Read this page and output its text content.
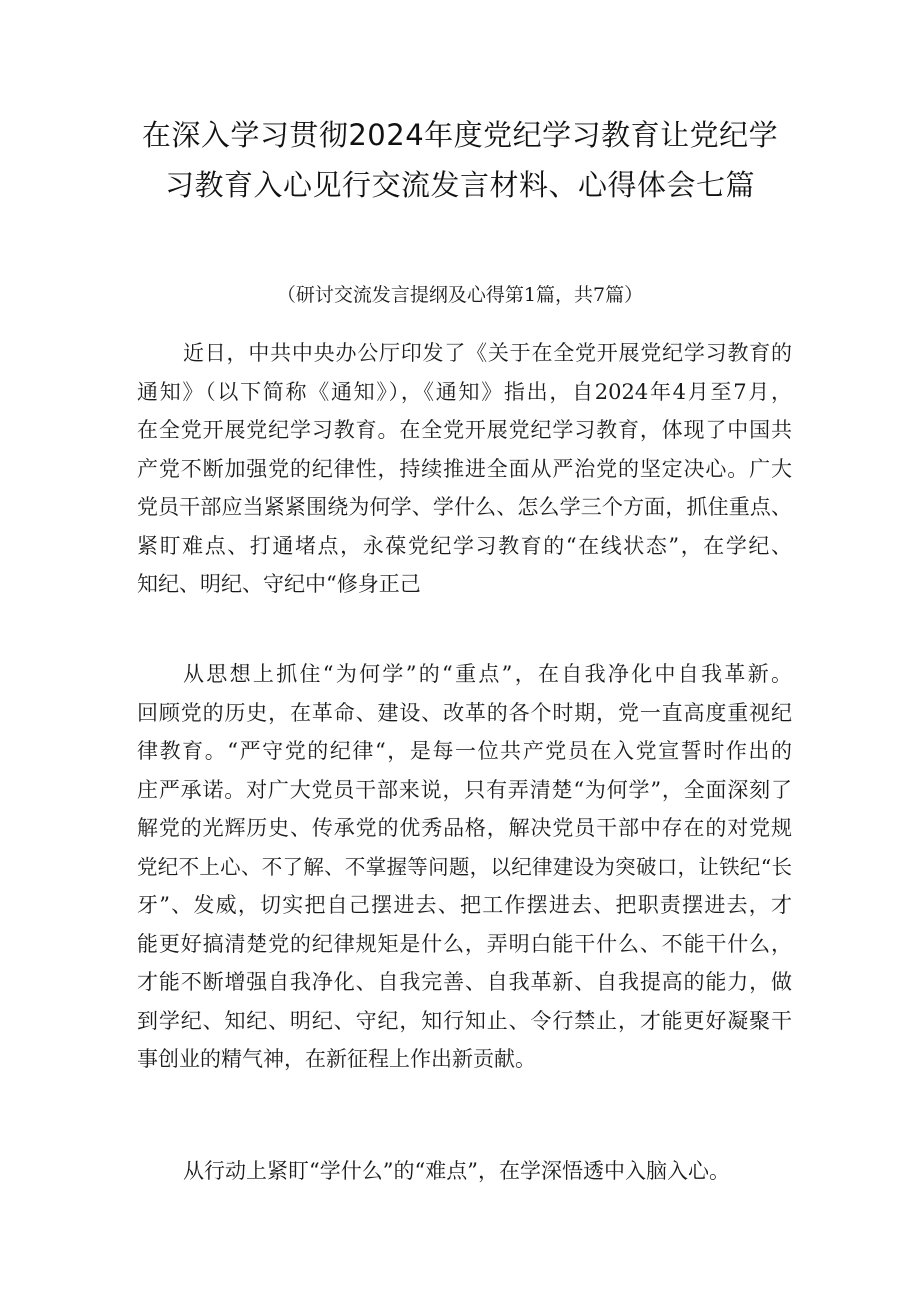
在深入学习贯彻2024年度党纪学习教育让党纪学
习教育入心见行交流发言材料、心得体会七篇
（研讨交流发言提纲及心得第1篇，共7篇）
近日，中共中央办公厅印发了《关于在全党开展党纪学习教育的
通知》（以下简称《通知》），《通知》指出，自2024年4月至7月，
在全党开展党纪学习教育。在全党开展党纪学习教育，体现了中国共
产党不断加强党的纪律性，持续推进全面从严治党的坚定决心。广大
党员干部应当紧紧围绕为何学、学什么、怎么学三个方面，抓住重点、
紧盯难点、打通堵点，永葆党纪学习教育的“在线状态”，在学纪、
知纪、明纪、守纪中“修身正己
从思想上抓住“为何学”的“重点”，在自我净化中自我革新。
回顾党的历史，在革命、建设、改革的各个时期，党一直高度重视纪
律教育。“严守党的纪律“，是每一位共产党员在入党宣誓时作出的
庄严承诺。对广大党员干部来说，只有弄清楚“为何学”，全面深刻了
解党的光辉历史、传承党的优秀品格，解决党员干部中存在的对党规
党纪不上心、不了解、不掌握等问题，以纪律建设为突破口，让铁纪“长
牙”、发威，切实把自己摆进去、把工作摆进去、把职责摆进去，才
能更好搞清楚党的纪律规矩是什么，弄明白能干什么、不能干什么，
才能不断增强自我净化、自我完善、自我革新、自我提高的能力，做
到学纪、知纪、明纪、守纪，知行知止、令行禁止，才能更好凝聚干
事创业的精气神，在新征程上作出新贡献。
从行动上紧盯“学什么”的“难点”，在学深悟透中入脑入心。
